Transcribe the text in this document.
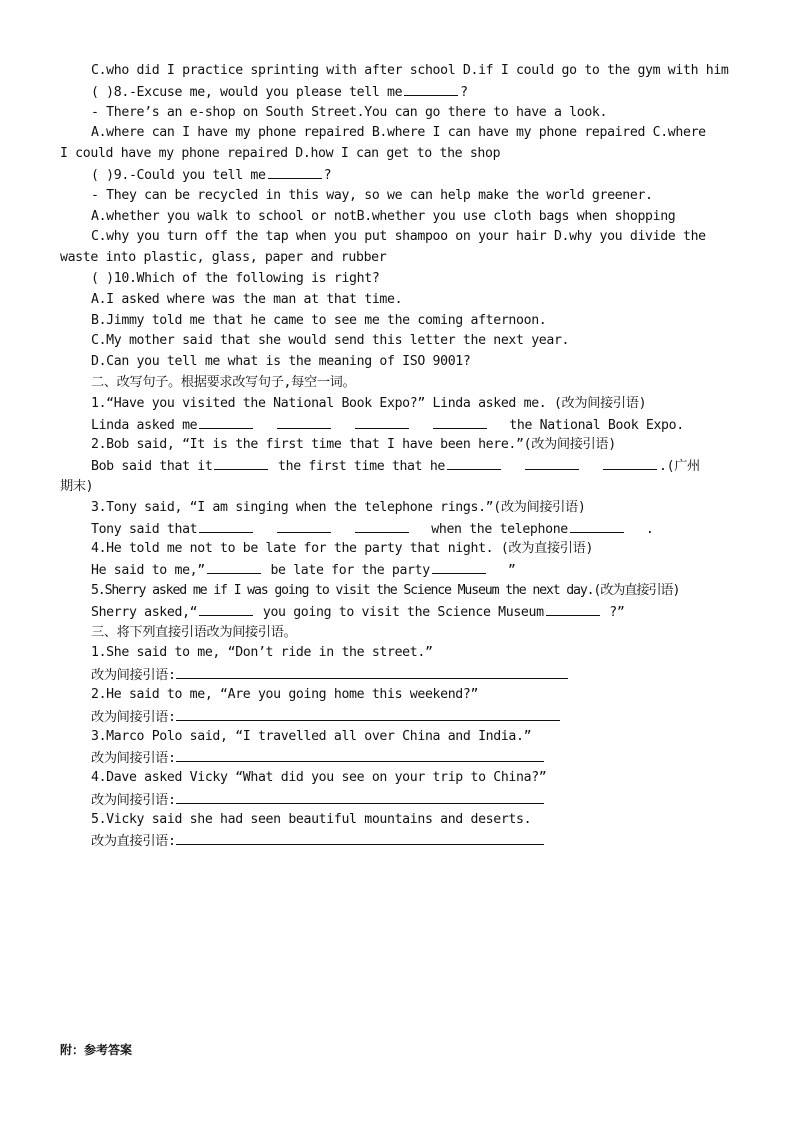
C.who did I practice sprinting with after school D.if I could go to the gym with him
( )8.-Excuse me, would you please tell me	?
- There’s an e-shop on South Street.You can go there to have a look.
A.where can I have my phone repaired B.where I can have my phone repaired C.where
I could have my phone repaired D.how I can get to the shop
( )9.-Could you tell me	?
- They can be recycled in this way, so we can help make the world greener.
A.whether you walk to school or notB.whether you use cloth bags when shopping
C.why you turn off the tap when you put shampoo on your hair D.why you divide the
waste into plastic, glass, paper and rubber
( )10.Which of the following is right?
A.I asked where was the man at that time.
B.Jimmy told me that he came to see me the coming afternoon.
C.My mother said that she would send this letter the next year.
D.Can you tell me what is the meaning of ISO 9001?
二、改写句子。根据要求改写句子,每空一词。
1.“Have you visited the National Book Expo?” Linda asked me. (改为间接引语)
Linda asked me	the National Book Expo.
2.Bob said, “It is the first time that I have been here.”(改为间接引语)
Bob said that it	the first time that he	.(广州
期末)
3.Tony said, “I am singing when the telephone rings.”(改为间接引语)
Tony said that	when the telephone	.
4.He told me not to be late for the party that night. (改为直接引语)
He said to me,”	be late for the party	”
5.Sherry asked me if I was going to visit the Science Museum the next day.(改为直接引语)
Sherry asked,“	you going to visit the Science Museum	?”
三、将下列直接引语改为间接引语。
1.She said to me, “Don’t ride in the street.”
改为间接引语:
2.He said to me, “Are you going home this weekend?”
改为间接引语:
3.Marco Polo said, “I travelled all over China and India.”
改为间接引语:
4.Dave asked Vicky “What did you see on your trip to China?”
改为间接引语:
5.Vicky said she had seen beautiful mountains and deserts.
改为直接引语:
附：参考答案
